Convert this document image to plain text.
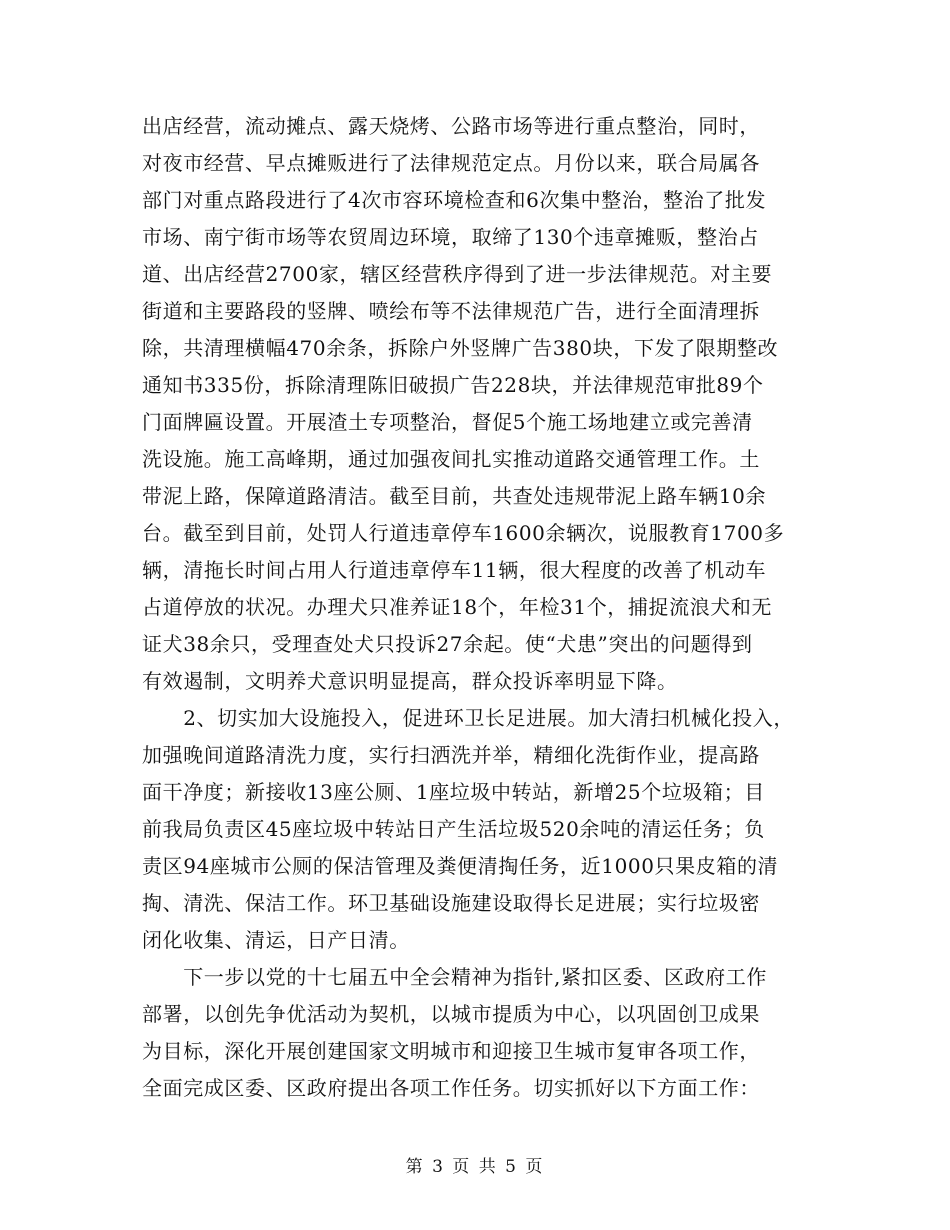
出店经营，流动摊点、露天烧烤、公路市场等进行重点整治，同时，
对夜市经营、早点摊贩进行了法律规范定点。月份以来，联合局属各
部门对重点路段进行了4次市容环境检查和6次集中整治，整治了批发
市场、南宁街市场等农贸周边环境，取缔了130个违章摊贩，整治占
道、出店经营2700家，辖区经营秩序得到了进一步法律规范。对主要
街道和主要路段的竖牌、喷绘布等不法律规范广告，进行全面清理拆
除，共清理横幅470余条，拆除户外竖牌广告380块，下发了限期整改
通知书335份，拆除清理陈旧破损广告228块，并法律规范审批89个
门面牌匾设置。开展渣土专项整治，督促5个施工场地建立或完善清
洗设施。施工高峰期，通过加强夜间扎实推动道路交通管理工作。土
带泥上路，保障道路清洁。截至目前，共查处违规带泥上路车辆10余
台。截至到目前，处罚人行道违章停车1600余辆次，说服教育1700多
辆，清拖长时间占用人行道违章停车11辆，很大程度的改善了机动车
占道停放的状况。办理犬只准养证18个，年检31个，捕捉流浪犬和无
证犬38余只，受理查处犬只投诉27余起。使“犬患”突出的问题得到
有效遏制，文明养犬意识明显提高，群众投诉率明显下降。
　　2、切实加大设施投入，促进环卫长足进展。加大清扫机械化投入，
加强晚间道路清洗力度，实行扫洒洗并举，精细化洗街作业，提高路
面干净度；新接收13座公厕、1座垃圾中转站，新增25个垃圾箱；目
前我局负责区45座垃圾中转站日产生活垃圾520余吨的清运任务；负
责区94座城市公厕的保洁管理及粪便清掏任务，近1000只果皮箱的清
掏、清洗、保洁工作。环卫基础设施建设取得长足进展；实行垃圾密
闭化收集、清运，日产日清。
　　下一步以党的十七届五中全会精神为指针,紧扣区委、区政府工作
部署，以创先争优活动为契机，以城市提质为中心，以巩固创卫成果
为目标，深化开展创建国家文明城市和迎接卫生城市复审各项工作，
全面完成区委、区政府提出各项工作任务。切实抓好以下方面工作：
第 3 页 共 5 页
